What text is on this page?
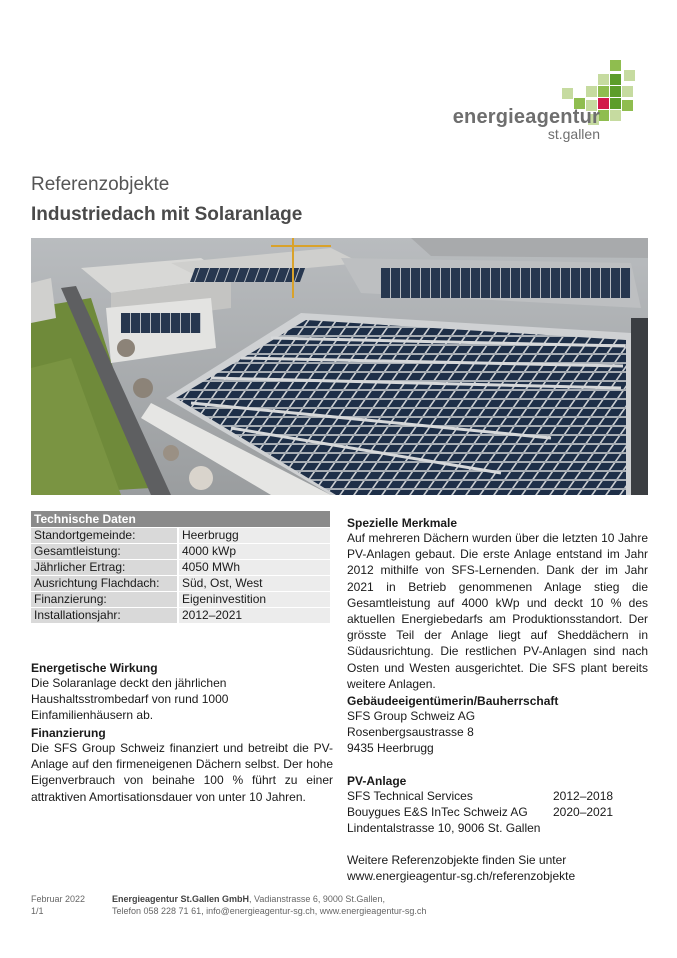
energieagentur
st.gallen
Referenzobjekte
Industriedach mit Solaranlage
Technische Daten
Standortgemeinde:	Heerbrugg
Gesamtleistung:	4000 kWp
Jährlicher Ertrag:	4050 MWh
Ausrichtung Flachdach:	Süd, Ost, West
Finanzierung:	Eigeninvestition
Installationsjahr:	2012–2021
Energetische Wirkung
Die Solaranlage deckt den jährlichen Haushaltsstrombedarf von rund 1000 Einfamilienhäusern ab.
Finanzierung
Die SFS Group Schweiz finanziert und betreibt die PV-Anlage auf den firmeneigenen Dächern selbst. Der hohe Eigenverbrauch von beinahe 100 % führt zu einer attraktiven Amortisationsdauer von unter 10 Jahren.
Spezielle Merkmale
Auf mehreren Dächern wurden über die letzten 10 Jahre PV-Anlagen gebaut. Die erste Anlage entstand im Jahr 2012 mithilfe von SFS-Lernenden. Dank der im Jahr 2021 in Betrieb genommenen Anlage stieg die Gesamtleistung auf 4000 kWp und deckt 10 % des aktuellen Energiebedarfs am Produktionsstandort. Der grösste Teil der Anlage liegt auf Sheddächern in Südausrichtung. Die restlichen PV-Anlagen sind nach Osten und Westen ausgerichtet. Die SFS plant bereits weitere Anlagen.
Gebäudeeigentümerin/Bauherrschaft
SFS Group Schweiz AG
Rosenbergsaustrasse 8
9435 Heerbrugg
PV-Anlage
SFS Technical Services	2012–2018
Bouygues E&S InTec Schweiz AG	2020–2021
Lindentalstrasse 10, 9006 St. Gallen
Weitere Referenzobjekte finden Sie unter
www.energieagentur-sg.ch/referenzobjekte
Februar 2022
1/1
Energieagentur St.Gallen GmbH, Vadianstrasse 6, 9000 St.Gallen,
Telefon 058 228 71 61, info@energieagentur-sg.ch, www.energieagentur-sg.ch
